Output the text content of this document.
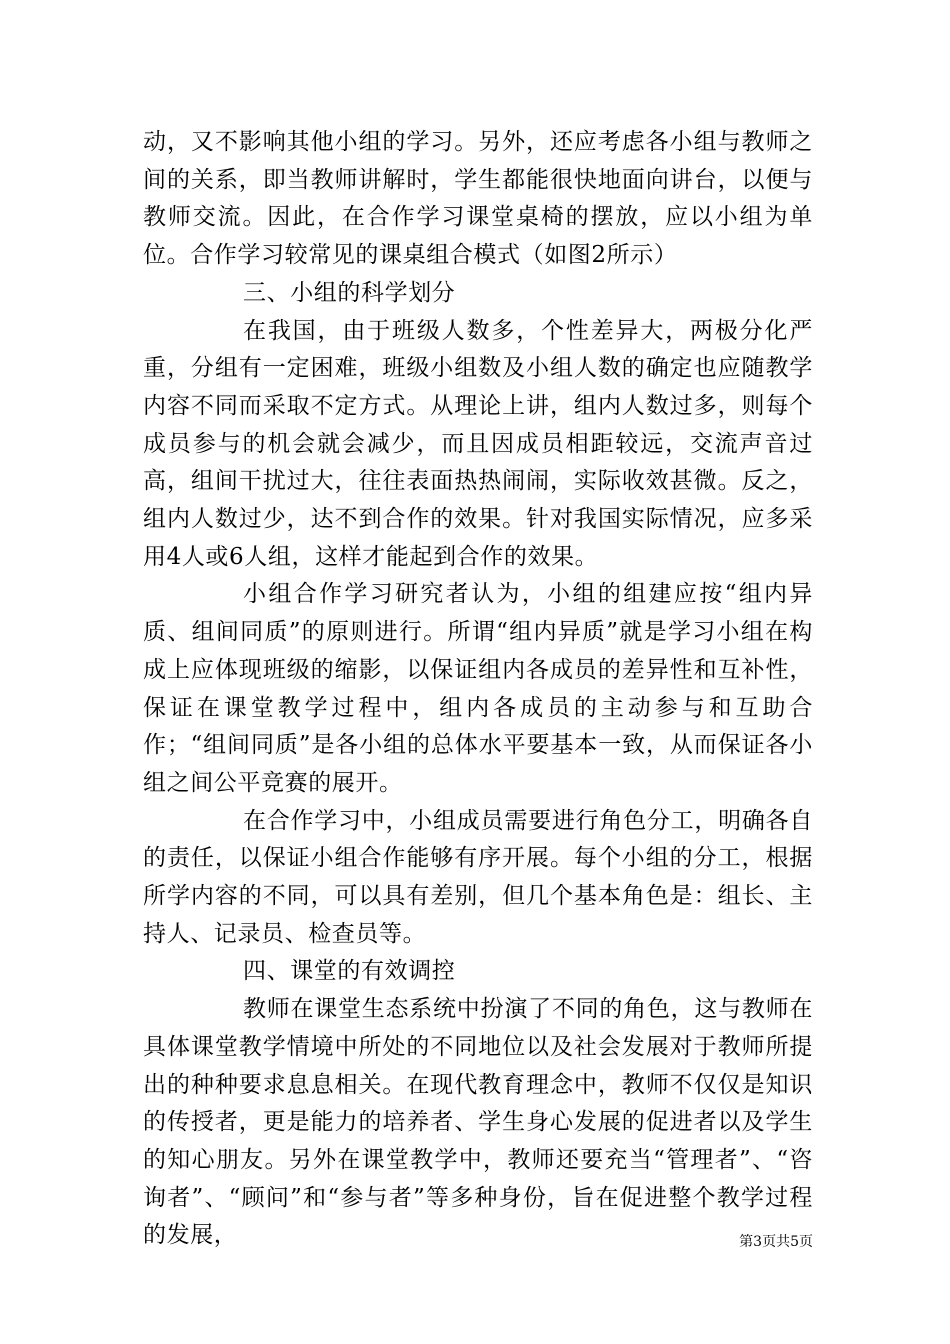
动，又不影响其他小组的学习。另外，还应考虑各小组与教师之间的关系，即当教师讲解时，学生都能很快地面向讲台，以便与教师交流。因此，在合作学习课堂桌椅的摆放，应以小组为单位。合作学习较常见的课桌组合模式（如图2所示）

三、小组的科学划分

在我国，由于班级人数多，个性差异大，两极分化严重，分组有一定困难，班级小组数及小组人数的确定也应随教学内容不同而采取不定方式。从理论上讲，组内人数过多，则每个成员参与的机会就会减少，而且因成员相距较远，交流声音过高，组间干扰过大，往往表面热热闹闹，实际收效甚微。反之，组内人数过少，达不到合作的效果。针对我国实际情况，应多采用4人或6人组，这样才能起到合作的效果。

小组合作学习研究者认为，小组的组建应按“组内异质、组间同质”的原则进行。所谓“组内异质”就是学习小组在构成上应体现班级的缩影，以保证组内各成员的差异性和互补性，保证在课堂教学过程中，组内各成员的主动参与和互助合作；“组间同质”是各小组的总体水平要基本一致，从而保证各小组之间公平竞赛的展开。

在合作学习中，小组成员需要进行角色分工，明确各自的责任，以保证小组合作能够有序开展。每个小组的分工，根据所学内容的不同，可以具有差别，但几个基本角色是：组长、主持人、记录员、检查员等。

四、课堂的有效调控

教师在课堂生态系统中扮演了不同的角色，这与教师在具体课堂教学情境中所处的不同地位以及社会发展对于教师所提出的种种要求息息相关。在现代教育理念中，教师不仅仅是知识的传授者，更是能力的培养者、学生身心发展的促进者以及学生的知心朋友。另外在课堂教学中，教师还要充当“管理者”、“咨询者”、“顾问”和“参与者”等多种身份，旨在促进整个教学过程的发展，	第3页共5页
